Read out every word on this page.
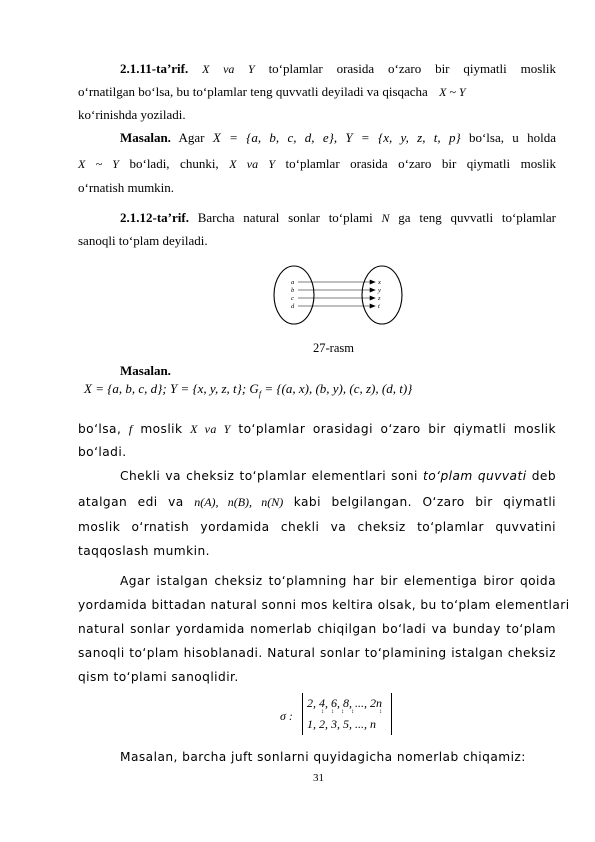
2.1.11-ta’rif. X va Y to‘plamlar orasida o‘zaro bir qiymatli moslik
o‘rnatilgan bo‘lsa, bu to‘plamlar teng quvvatli deyiladi va qisqacha X ~ Y
ko‘rinishda yoziladi.
Masalan. Agar X = {a, b, c, d, e}, Y = {x, y, z, t, p} bo‘lsa, u holda
X ~ Y bo‘ladi, chunki, X va Y to‘plamlar orasida o‘zaro bir qiymatli moslik
o‘rnatish mumkin.
2.1.12-ta’rif. Barcha natural sonlar to‘plami N ga teng quvvatli to‘plamlar
sanoqli to‘plam deyiladi.
a
b
c
d
x
y
z
t
27-rasm
Masalan.
X = {a, b, c, d}; Y = {x, y, z, t}; $G_f = \{(a$, x), (b, y), (c, z), (d, t)}
bo‘lsa, f moslik X va Y to‘plamlar orasidagi o‘zaro bir qiymatli moslik
bo‘ladi.
Chekli va cheksiz to‘plamlar elementlari soni to‘plam quvvati deb
atalgan edi va n(A), n(B), n(N) kabi belgilangan. O‘zaro bir qiymatli
moslik o‘rnatish yordamida chekli va cheksiz to‘plamlar quvvatini
taqqoslash mumkin.
Agar istalgan cheksiz to‘plamning har bir elementiga biror qoida
yordamida bittadan natural sonni mos keltira olsak, bu to‘plam elementlari
natural sonlar yordamida nomerlab chiqilgan bo‘ladi va bunday to‘plam
sanoqli to‘plam hisoblanadi. Natural sonlar to‘plamining istalgan cheksiz
qism to‘plami sanoqlidir.
σ :
2, 4, 6, 8, ..., 2n
↕ ↕ ↕ ↕	↕
1, 2, 3, 5, ..., n
Masalan, barcha juft sonlarni quyidagicha nomerlab chiqamiz:
31
